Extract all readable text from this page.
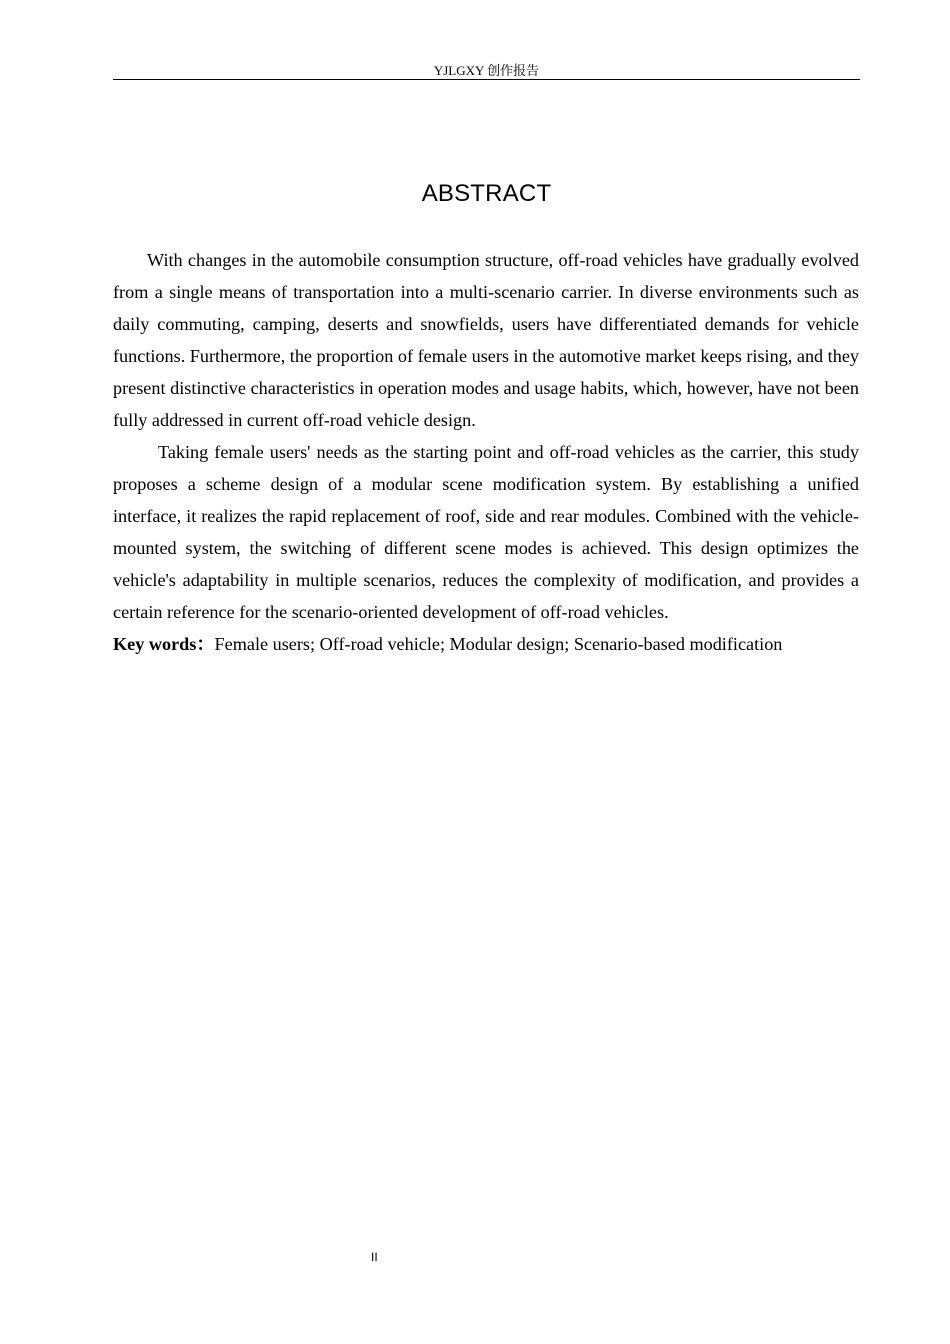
YJLGXY 创作报告
ABSTRACT

With changes in the automobile consumption structure, off-road vehicles have gradually evolved from a single means of transportation into a multi-scenario carrier. In diverse environments such as daily commuting, camping, deserts and snowfields, users have differentiated demands for vehicle functions. Furthermore, the proportion of female users in the automotive market keeps rising, and they present distinctive characteristics in operation modes and usage habits, which, however, have not been fully addressed in current off-road vehicle design.

Taking female users' needs as the starting point and off-road vehicles as the carrier, this study proposes a scheme design of a modular scene modification system. By establishing a unified interface, it realizes the rapid replacement of roof, side and rear modules. Combined with the vehicle-mounted system, the switching of different scene modes is achieved. This design optimizes the vehicle's adaptability in multiple scenarios, reduces the complexity of modification, and provides a certain reference for the scenario-oriented development of off-road vehicles.

Key words：Female users; Off-road vehicle; Modular design; Scenario-based modification

II
